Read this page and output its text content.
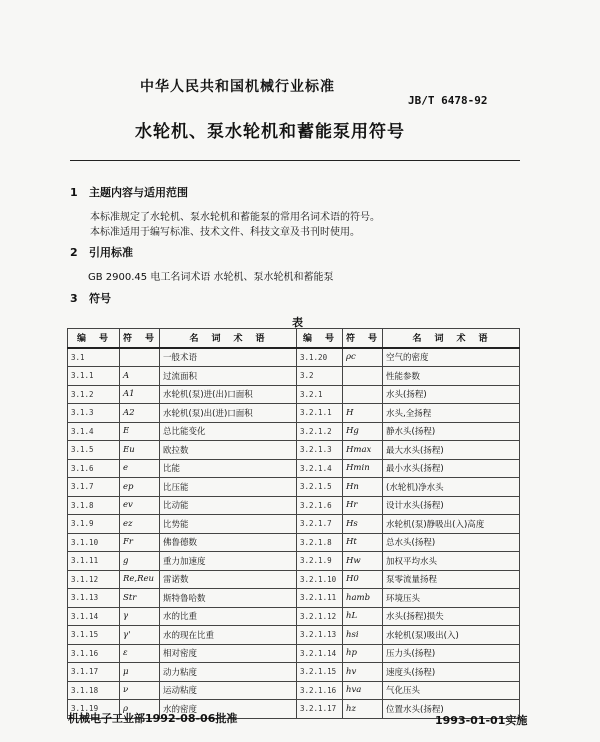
中华人民共和国机械行业标准
JB/T 6478-92
水轮机、泵水轮机和蓄能泵用符号
1 主题内容与适用范围
本标准规定了水轮机、泵水轮机和蓄能泵的常用名词术语的符号。
本标准适用于编写标准、技术文件、科技文章及书刊时使用。
2 引用标准
GB 2900.45 电工名词术语 水轮机、泵水轮机和蓄能泵
3 符号
表
编　号	符　号	名　词　术　语	编　号	符　号	名　词　术　语
3.1		一般术语	3.1.20	ρc	空气的密度
3.1.1	A	过流面积	3.2		性能参数
3.1.2	A1	水轮机(泵)进(出)口面积	3.2.1		水头(扬程)
3.1.3	A2	水轮机(泵)出(进)口面积	3.2.1.1	H	水头,全扬程
3.1.4	E	总比能变化	3.2.1.2	Hg	静水头(扬程)
3.1.5	Eu	欧拉数	3.2.1.3	Hmax	最大水头(扬程)
3.1.6	e	比能	3.2.1.4	Hmin	最小水头(扬程)
3.1.7	ep	比压能	3.2.1.5	Hn	(水轮机)净水头
3.1.8	ev	比动能	3.2.1.6	Hr	设计水头(扬程)
3.1.9	ez	比势能	3.2.1.7	Hs	水轮机(泵)静吸出(入)高度
3.1.10	Fr	佛鲁德数	3.2.1.8	Ht	总水头(扬程)
3.1.11	g	重力加速度	3.2.1.9	Hw	加权平均水头
3.1.12	Re,Reu	雷诺数	3.2.1.10	H0	泵零流量扬程
3.1.13	Str	斯特鲁哈数	3.2.1.11	hamb	环境压头
3.1.14	γ	水的比重	3.2.1.12	hL	水头(扬程)损失
3.1.15	γ'	水的现在比重	3.2.1.13	hsi	水轮机(泵)吸出(入)
3.1.16	ε	相对密度	3.2.1.14	hp	压力头(扬程)
3.1.17	μ	动力粘度	3.2.1.15	hv	速度头(扬程)
3.1.18	ν	运动粘度	3.2.1.16	hva	气化压头
3.1.19	ρ	水的密度	3.2.1.17	hz	位置水头(扬程)
机械电子工业部1992-08-06批准	1993-01-01实施
